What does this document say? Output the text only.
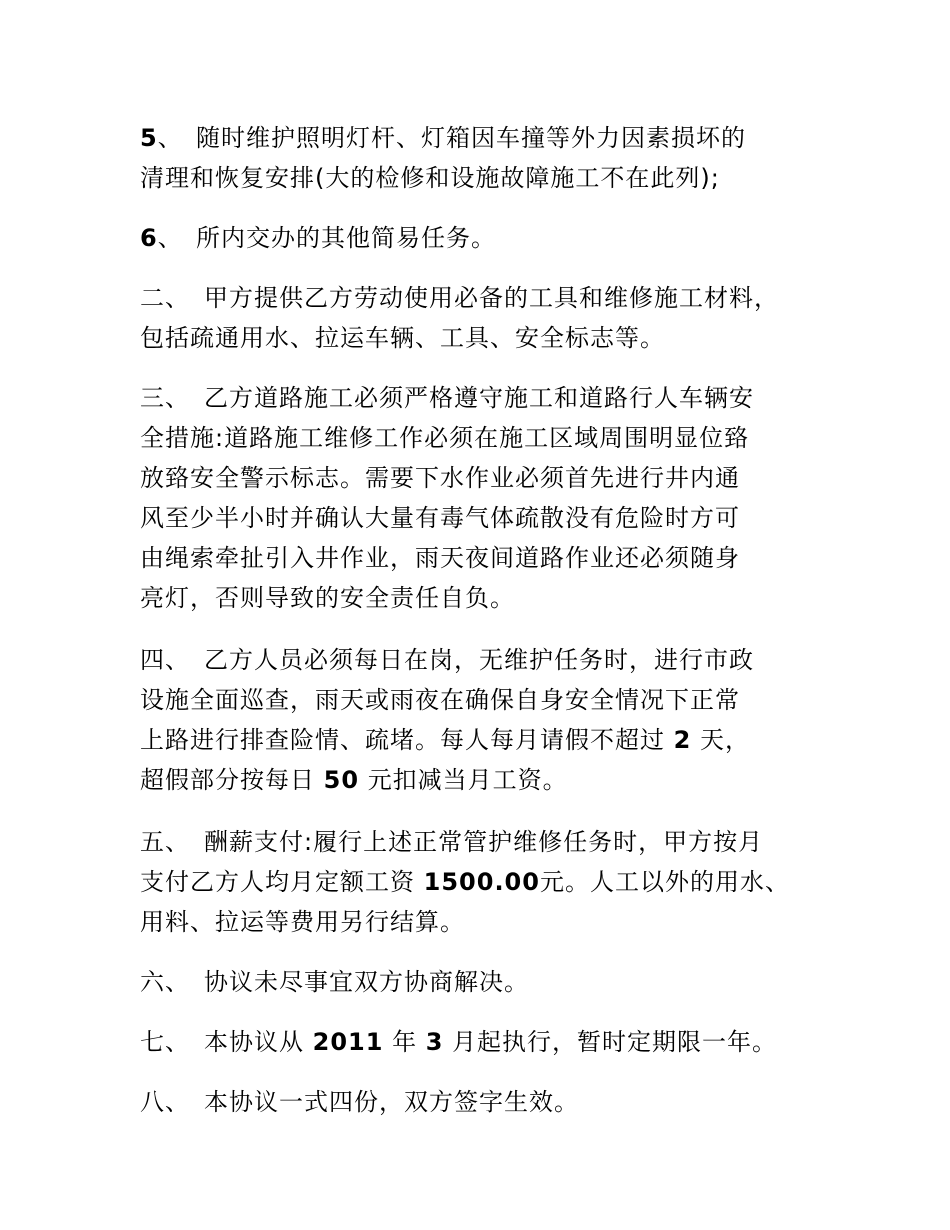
5、 随时维护照明灯杆、灯箱因车撞等外力因素损坏的
清理和恢复安排(大的检修和设施故障施工不在此列);
6、 所内交办的其他简易任务。
二、 甲方提供乙方劳动使用必备的工具和维修施工材料，
包括疏通用水、拉运车辆、工具、安全标志等。
三、 乙方道路施工必须严格遵守施工和道路行人车辆安
全措施:道路施工维修工作必须在施工区域周围明显位臵
放臵安全警示标志。需要下水作业必须首先进行井内通
风至少半小时并确认大量有毒气体疏散没有危险时方可
由绳索牵扯引入井作业，雨天夜间道路作业还必须随身
亮灯，否则导致的安全责任自负。
四、 乙方人员必须每日在岗，无维护任务时，进行市政
设施全面巡查，雨天或雨夜在确保自身安全情况下正常
上路进行排查险情、疏堵。每人每月请假不超过 2 天，
超假部分按每日 50 元扣减当月工资。
五、 酬薪支付:履行上述正常管护维修任务时，甲方按月
支付乙方人均月定额工资 1500.00元。人工以外的用水、
用料、拉运等费用另行结算。
六、 协议未尽事宜双方协商解决。
七、 本协议从 2011 年 3 月起执行，暂时定期限一年。
八、 本协议一式四份，双方签字生效。
